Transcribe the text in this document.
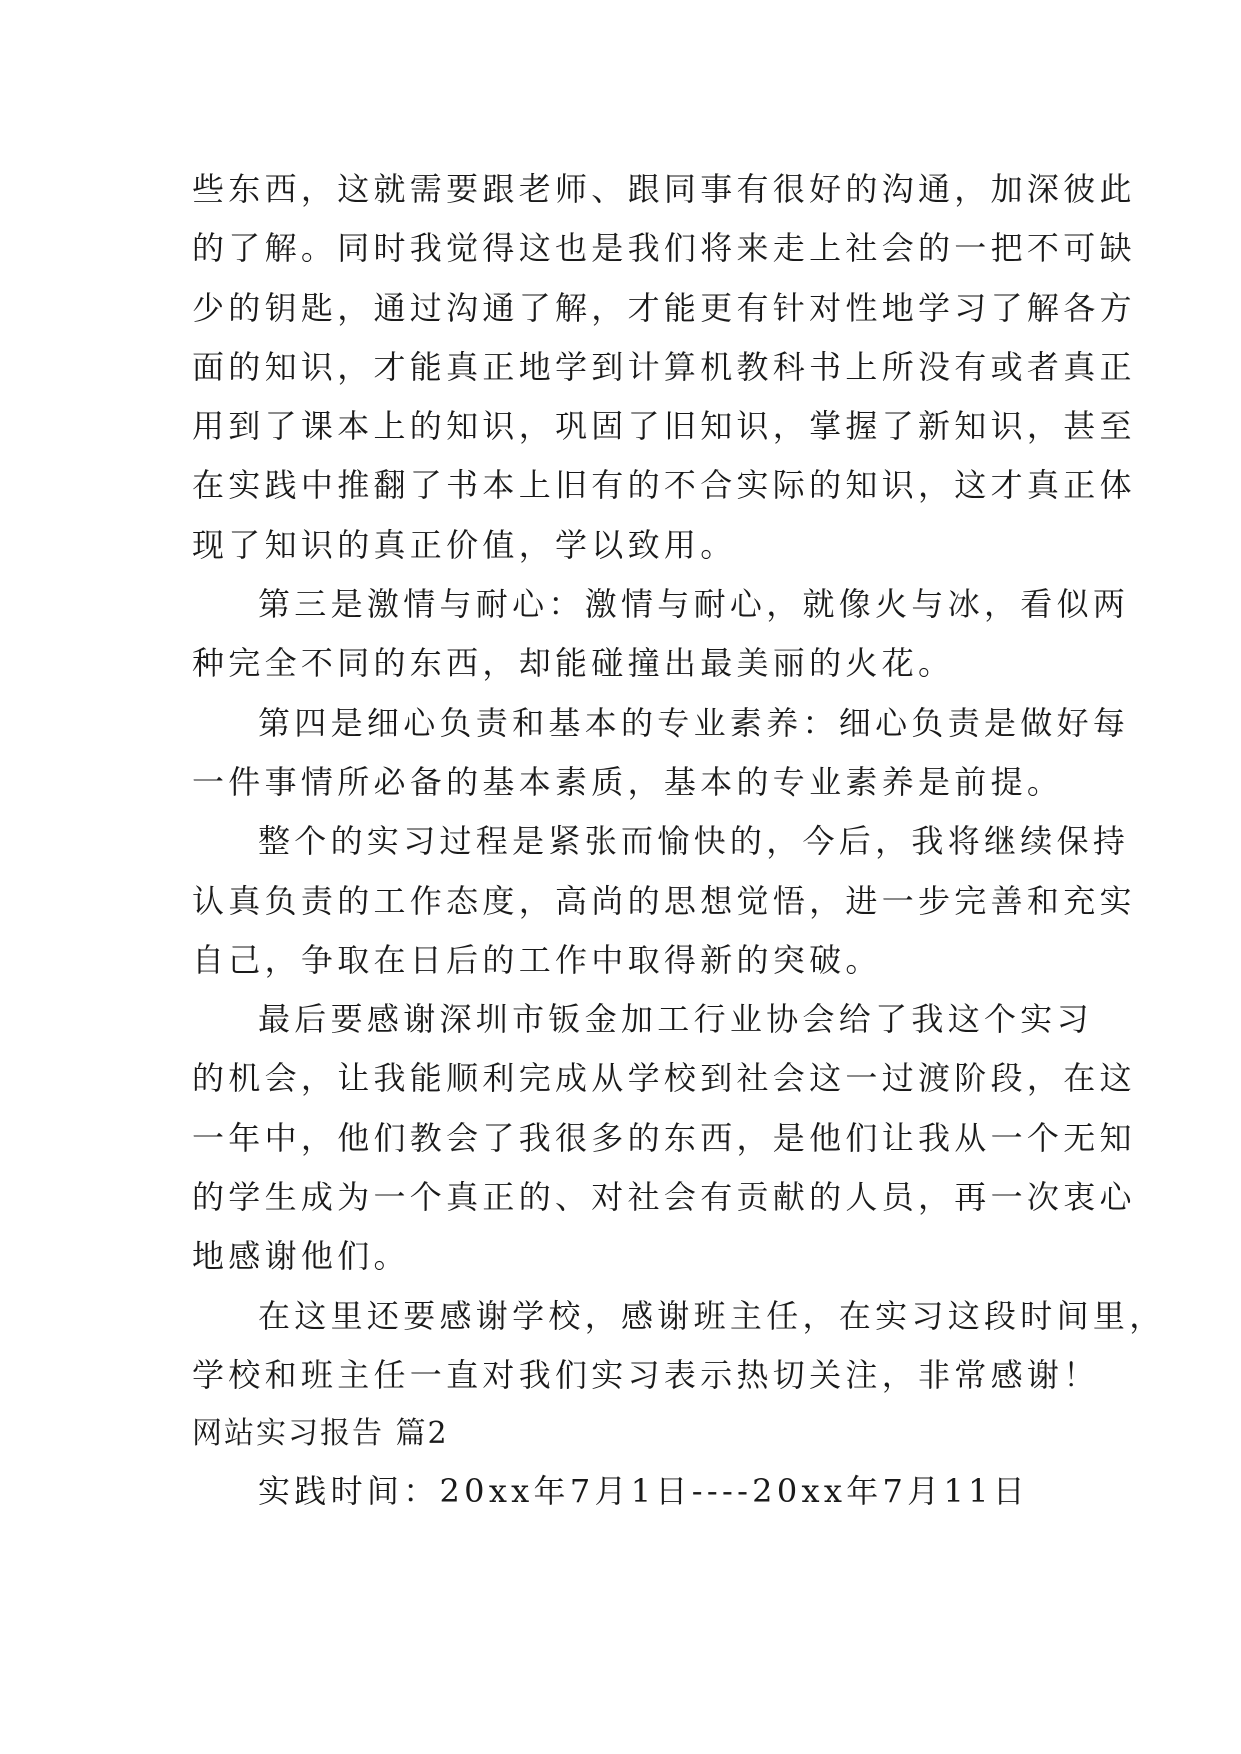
些东西，这就需要跟老师、跟同事有很好的沟通，加深彼此
的了解。同时我觉得这也是我们将来走上社会的一把不可缺
少的钥匙，通过沟通了解，才能更有针对性地学习了解各方
面的知识，才能真正地学到计算机教科书上所没有或者真正
用到了课本上的知识，巩固了旧知识，掌握了新知识，甚至
在实践中推翻了书本上旧有的不合实际的知识，这才真正体
现了知识的真正价值，学以致用。
第三是激情与耐心：激情与耐心，就像火与冰，看似两
种完全不同的东西，却能碰撞出最美丽的火花。
第四是细心负责和基本的专业素养：细心负责是做好每
一件事情所必备的基本素质，基本的专业素养是前提。
整个的实习过程是紧张而愉快的，今后，我将继续保持
认真负责的工作态度，高尚的思想觉悟，进一步完善和充实
自己，争取在日后的工作中取得新的突破。
最后要感谢深圳市钣金加工行业协会给了我这个实习
的机会，让我能顺利完成从学校到社会这一过渡阶段，在这
一年中，他们教会了我很多的东西，是他们让我从一个无知
的学生成为一个真正的、对社会有贡献的人员，再一次衷心
地感谢他们。
在这里还要感谢学校，感谢班主任，在实习这段时间里，
学校和班主任一直对我们实习表示热切关注，非常感谢！
网站实习报告 篇2
实践时间：20xx年7月1日----20xx年7月11日
